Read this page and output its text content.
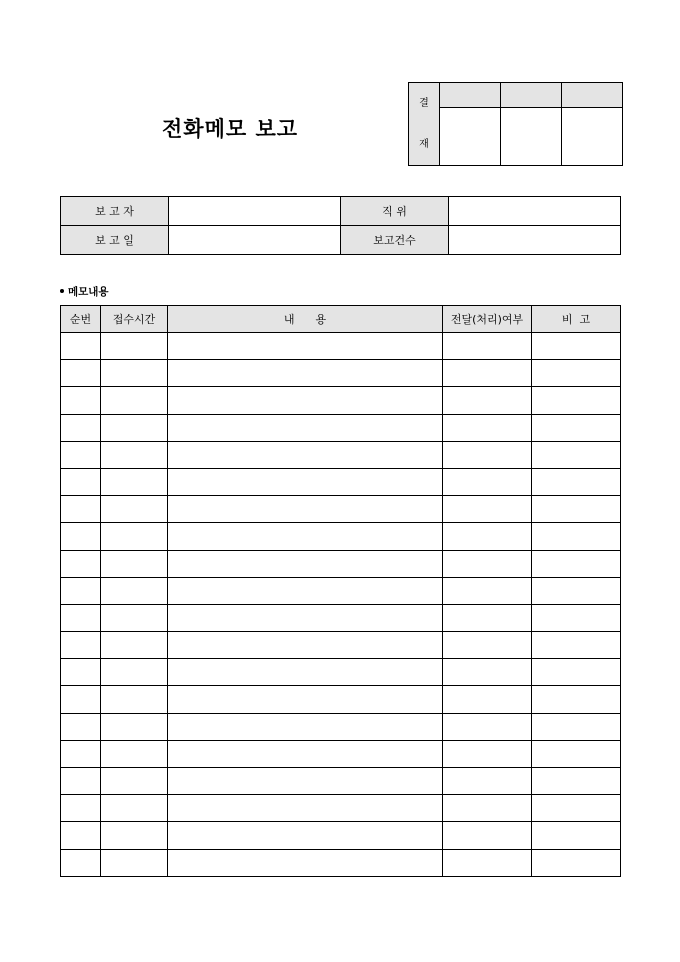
전화메모 보고
결
재			

보 고 자		직 위	
보 고 일		보고건수	
메모내용
순번	접수시간	내      용	전달(처리)여부	비  고
